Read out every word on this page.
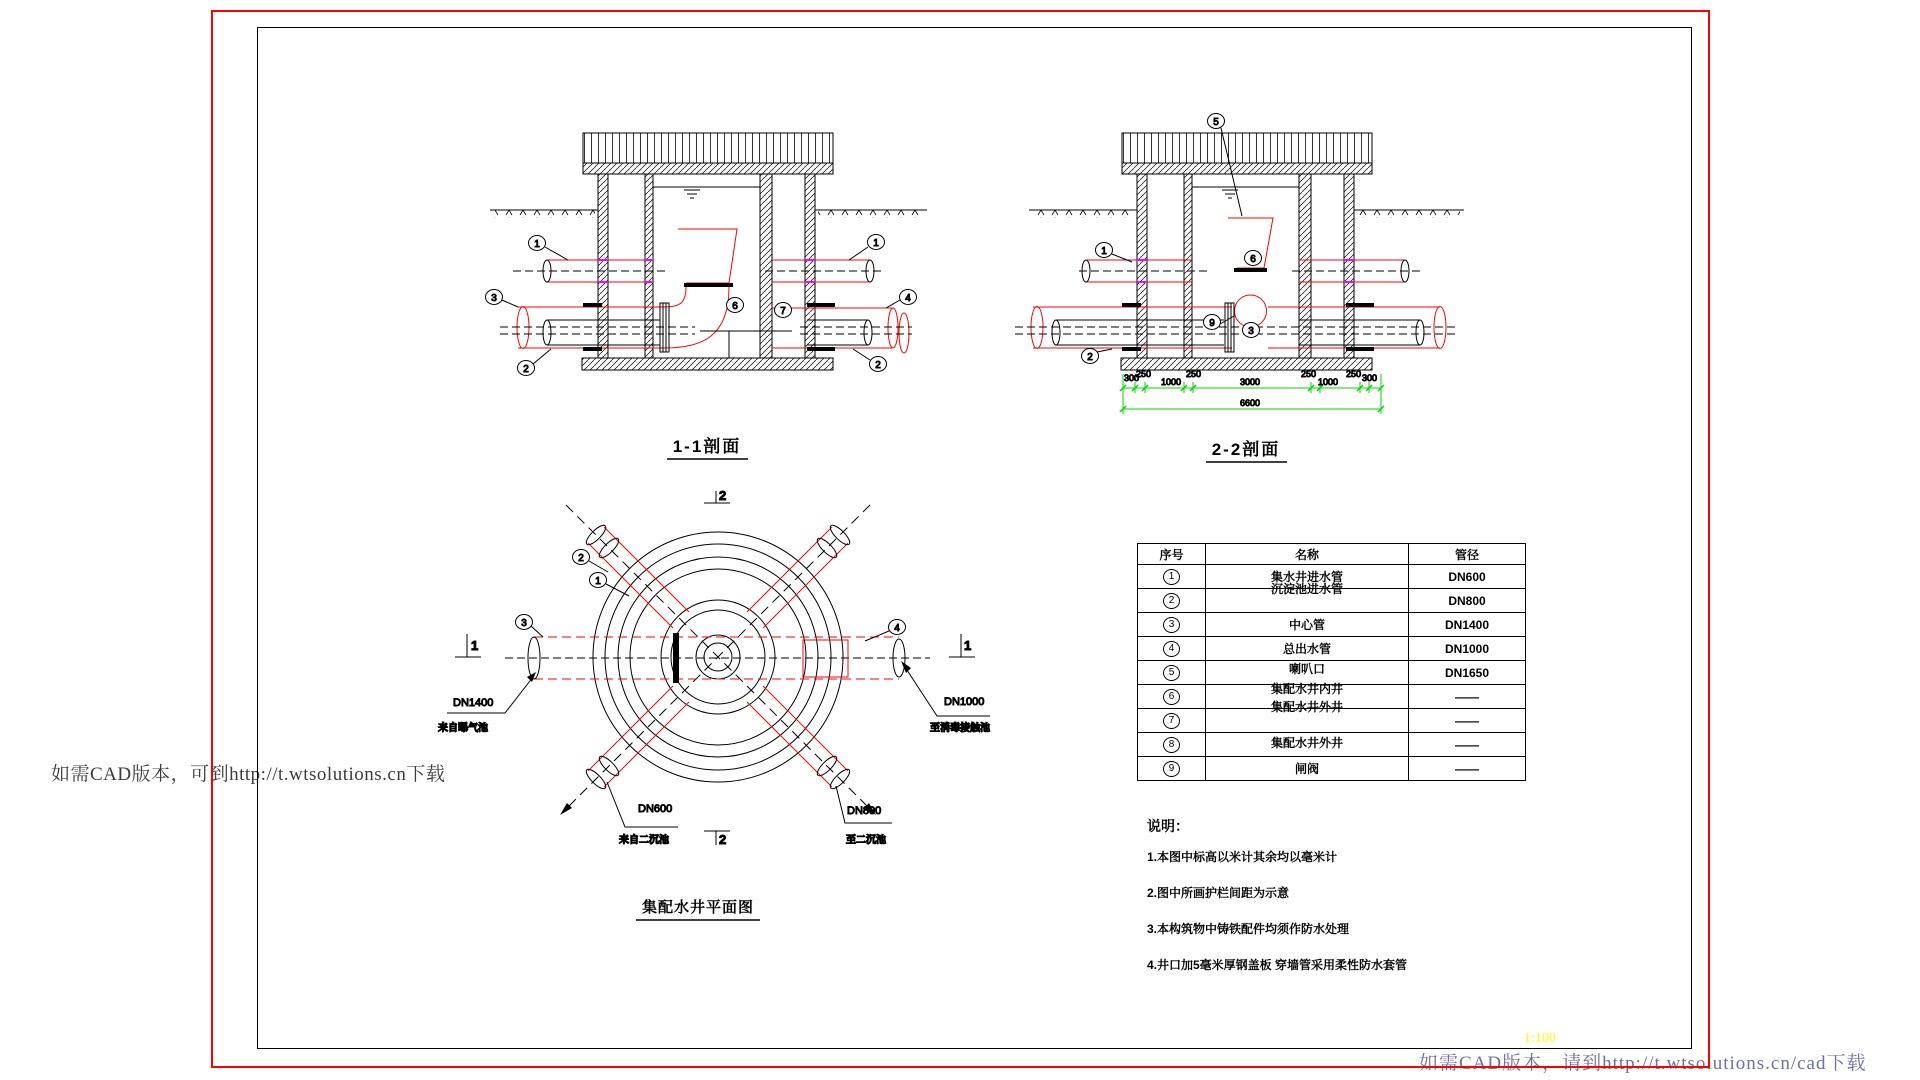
1
3
2
6	7
1
4
2
5
1
6
9
3
2
300
250
1000
250
3000
250
1000
250 300
6600
DN1400
来自曝气池
DN1000
至消毒接触池
DN600
来自二沉池
DN800
至二沉池
1	1
2
2
2
1
3	4
1-1剖面	2-2剖面
集配水井平面图
序号	名称	管径

1	集水井进水管	DN600

2	沉淀池进水管	DN800

3	中心管	DN1400

4	总出水管	DN1000

5	喇叭口	DN1650

6	集配水井内井	——

7	集配水井外井	——

8	集配水井外井	——

9	闸阀	——
说明：
1.本图中标高以米计其余均以毫米计
2.图中所画护栏间距为示意
3.本构筑物中铸铁配件均须作防水处理
4.井口加5毫米厚钢盖板 穿墙管采用柔性防水套管
如需CAD版本，可到http://t.wtsolutions.cn下载
1:100
如需CAD版本，请到http://t.wtsolutions.cn/cad下载
